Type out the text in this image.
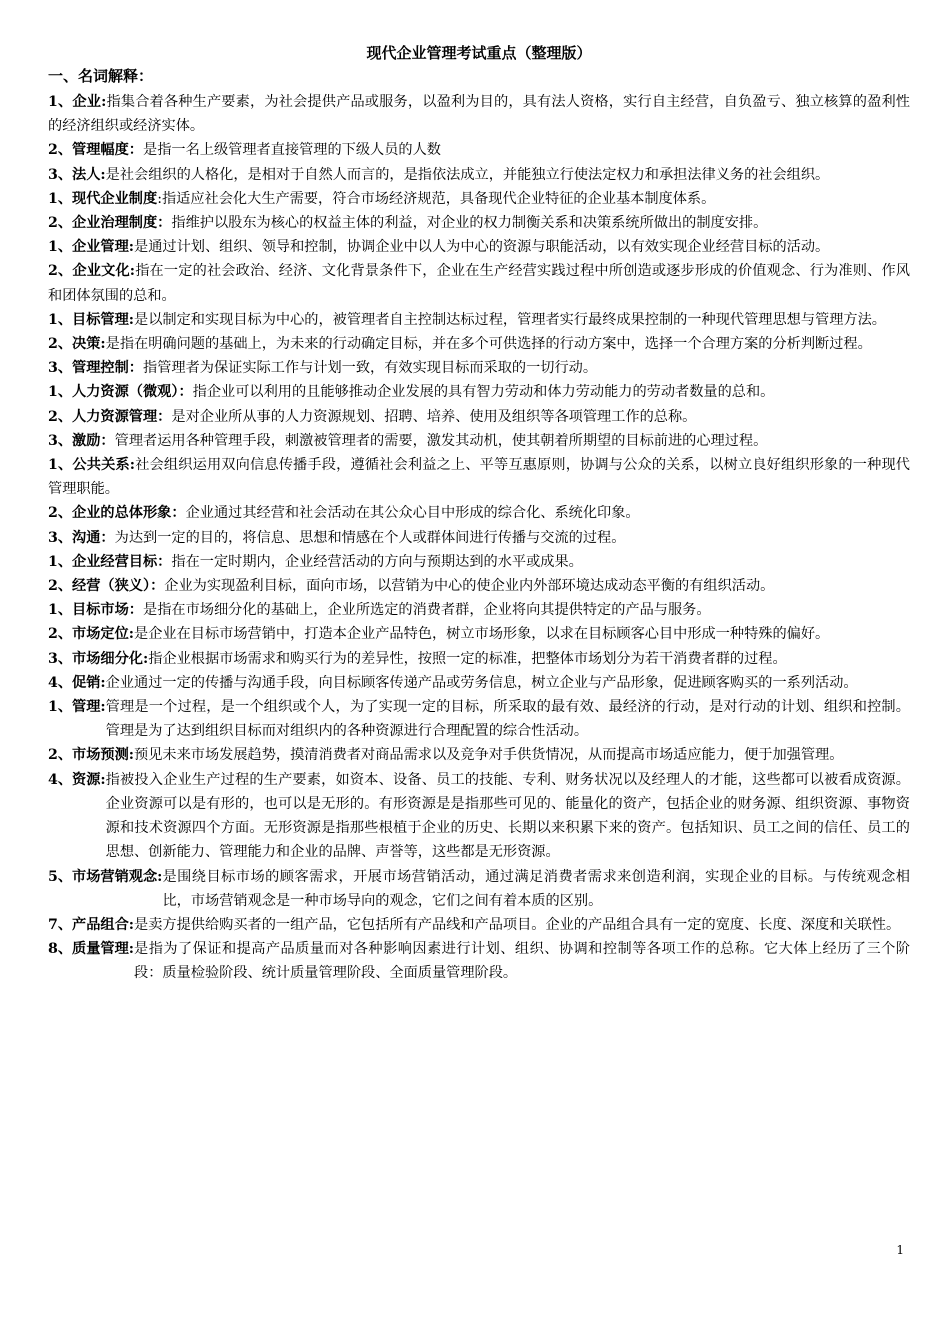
现代企业管理考试重点（整理版）
一、名词解释：

1、企业:指集合着各种生产要素，为社会提供产品或服务，以盈利为目的，具有法人资格，实行自主经营，自负盈亏、独立核算的盈利性的经济组织或经济实体。

2、管理幅度：是指一名上级管理者直接管理的下级人员的人数

3、法人:是社会组织的人格化，是相对于自然人而言的，是指依法成立，并能独立行使法定权力和承担法律义务的社会组织。

1、现代企业制度:指适应社会化大生产需要，符合市场经济规范，具备现代企业特征的企业基本制度体系。

2、企业治理制度：指维护以股东为核心的权益主体的利益，对企业的权力制衡关系和决策系统所做出的制度安排。

1、企业管理:是通过计划、组织、领导和控制，协调企业中以人为中心的资源与职能活动，以有效实现企业经营目标的活动。

2、企业文化:指在一定的社会政治、经济、文化背景条件下，企业在生产经营实践过程中所创造或逐步形成的价值观念、行为准则、作风和团体氛围的总和。

1、目标管理:是以制定和实现目标为中心的，被管理者自主控制达标过程，管理者实行最终成果控制的一种现代管理思想与管理方法。

2、决策:是指在明确问题的基础上，为未来的行动确定目标，并在多个可供选择的行动方案中，选择一个合理方案的分析判断过程。

3、管理控制：指管理者为保证实际工作与计划一致，有效实现目标而采取的一切行动。

1、人力资源（微观）：指企业可以利用的且能够推动企业发展的具有智力劳动和体力劳动能力的劳动者数量的总和。

2、人力资源管理：是对企业所从事的人力资源规划、招聘、培养、使用及组织等各项管理工作的总称。

3、激励：管理者运用各种管理手段，刺激被管理者的需要，激发其动机，使其朝着所期望的目标前进的心理过程。

1、公共关系:社会组织运用双向信息传播手段，遵循社会利益之上、平等互惠原则，协调与公众的关系，以树立良好组织形象的一种现代管理职能。

2、企业的总体形象：企业通过其经营和社会活动在其公众心目中形成的综合化、系统化印象。

3、沟通：为达到一定的目的，将信息、思想和情感在个人或群体间进行传播与交流的过程。

1、企业经营目标：指在一定时期内，企业经营活动的方向与预期达到的水平或成果。

2、经营（狭义）：企业为实现盈利目标，面向市场，以营销为中心的使企业内外部环境达成动态平衡的有组织活动。

1、目标市场：是指在市场细分化的基础上，企业所选定的消费者群，企业将向其提供特定的产品与服务。

2、市场定位:是企业在目标市场营销中，打造本企业产品特色，树立市场形象，以求在目标顾客心目中形成一种特殊的偏好。

3、市场细分化:指企业根据市场需求和购买行为的差异性，按照一定的标准，把整体市场划分为若干消费者群的过程。

4、促销:企业通过一定的传播与沟通手段，向目标顾客传递产品或劳务信息，树立企业与产品形象，促进顾客购买的一系列活动。

1、管理: 管理是一个过程，是一个组织或个人，为了实现一定的目标，所采取的最有效、最经济的行动，是对行动的计划、组织和控制。管理是为了达到组织目标而对组织内的各种资源进行合理配置的综合性活动。
2、市场预测: 预见未来市场发展趋势，摸清消费者对商品需求以及竞争对手供货情况，从而提高市场适应能力，便于加强管理。
4、资源: 指被投入企业生产过程的生产要素，如资本、设备、员工的技能、专利、财务状况以及经理人的才能，这些都可以被看成资源。企业资源可以是有形的，也可以是无形的。有形资源是是指那些可见的、能量化的资产，包括企业的财务源、组织资源、事物资源和技术资源四个方面。无形资源是指那些根植于企业的历史、长期以来积累下来的资产。包括知识、员工之间的信任、员工的思想、创新能力、管理能力和企业的品牌、声誉等，这些都是无形资源。
5、市场营销观念: 是围绕目标市场的顾客需求，开展市场营销活动，通过满足消费者需求来创造利润，实现企业的目标。与传统观念相比，市场营销观念是一种市场导向的观念，它们之间有着本质的区别。
7、产品组合: 是卖方提供给购买者的一组产品，它包括所有产品线和产品项目。企业的产品组合具有一定的宽度、长度、深度和关联性。
8、质量管理: 是指为了保证和提高产品质量而对各种影响因素进行计划、组织、协调和控制等各项工作的总称。它大体上经历了三个阶段：质量检验阶段、统计质量管理阶段、全面质量管理阶段。
1
